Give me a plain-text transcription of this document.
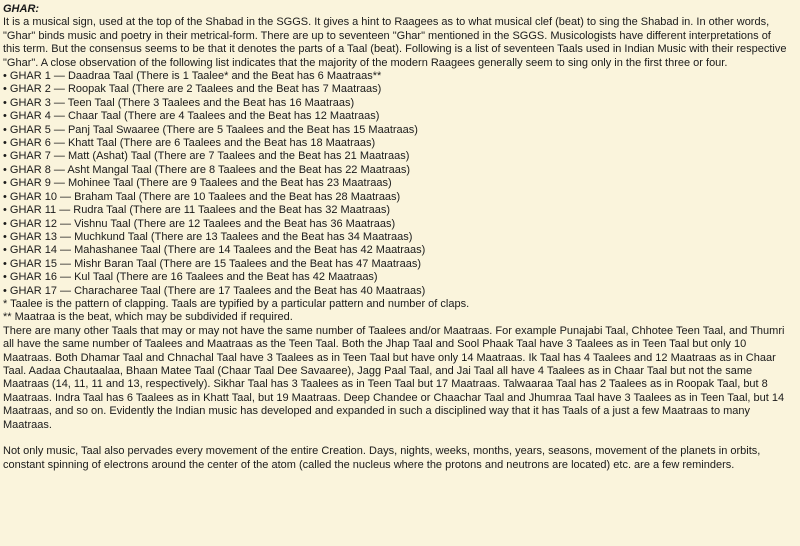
GHAR:

It is a musical sign, used at the top of the Shabad in the SGGS. It gives a hint to Raagees as to what musical clef (beat) to sing the Shabad in. In other words, "Ghar" binds music and poetry in their metrical-form. There are up to seventeen "Ghar" mentioned in the SGGS. Musicologists have different interpretations of this term. But the consensus seems to be that it denotes the parts of a Taal (beat). Following is a list of seventeen Taals used in Indian Music with their respective "Ghar". A close observation of the following list indicates that the majority of the modern Raagees generally seem to sing only in the first three or four.

• GHAR 1 — Daadraa Taal (There is 1 Taalee* and the Beat has 6 Maatraas**
• GHAR 2 — Roopak Taal (There are 2 Taalees and the Beat has 7 Maatraas)
• GHAR 3 — Teen Taal (There 3 Taalees and the Beat has 16 Maatraas)
• GHAR 4 — Chaar Taal (There are 4 Taalees and the Beat has 12 Maatraas)
• GHAR 5 — Panj Taal Swaaree (There are 5 Taalees and the Beat has 15 Maatraas)
• GHAR 6 — Khatt Taal (There are 6 Taalees and the Beat has 18 Maatraas)
• GHAR 7 — Matt (Ashat) Taal (There are 7 Taalees and the Beat has 21 Maatraas)
• GHAR 8 — Asht Mangal Taal (There are 8 Taalees and the Beat has 22 Maatraas)
• GHAR 9 — Mohinee Taal (There are 9 Taalees and the Beat has 23 Maatraas)
• GHAR 10 — Braham Taal (There are 10 Taalees and the Beat has 28 Maatraas)
• GHAR 11 — Rudra Taal (There are 11 Taalees and the Beat has 32 Maatraas)
• GHAR 12 — Vishnu Taal (There are 12 Taalees and the Beat has 36 Maatraas)
• GHAR 13 — Muchkund Taal (There are 13 Taalees and the Beat has 34 Maatraas)
• GHAR 14 — Mahashanee Taal (There are 14 Taalees and the Beat has 42 Maatraas)
• GHAR 15 — Mishr Baran Taal (There are 15 Taalees and the Beat has 47 Maatraas)
• GHAR 16 — Kul Taal (There are 16 Taalees and the Beat has 42 Maatraas)
• GHAR 17 — Characharee Taal (There are 17 Taalees and the Beat has 40 Maatraas)

* Taalee is the pattern of clapping. Taals are typified by a particular pattern and number of claps.

** Maatraa is the beat, which may be subdivided if required.

There are many other Taals that may or may not have the same number of Taalees and/or Maatraas. For example Punajabi Taal, Chhotee Teen Taal, and Thumri all have the same number of Taalees and Maatraas as the Teen Taal. Both the Jhap Taal and Sool Phaak Taal have 3 Taalees as in Teen Taal but only 10 Maatraas. Both Dhamar Taal and Chnachal Taal have 3 Taalees as in Teen Taal but have only 14 Maatraas. Ik Taal has 4 Taalees and 12 Maatraas as in Chaar Taal. Aadaa Chautaalaa, Bhaan Matee Taal (Chaar Taal Dee Savaaree), Jagg Paal Taal, and Jai Taal all have 4 Taalees as in Chaar Taal but not the same Maatraas (14, 11, 11 and 13, respectively). Sikhar Taal has 3 Taalees as in Teen Taal but 17 Maatraas. Talwaaraa Taal has 2 Taalees as in Roopak Taal, but 8 Maatraas. Indra Taal has 6 Taalees as in Khatt Taal, but 19 Maatraas. Deep Chandee or Chaachar Taal and Jhumraa Taal have 3 Taalees as in Teen Taal, but 14 Maatraas, and so on. Evidently the Indian music has developed and expanded in such a disciplined way that it has Taals of a just a few Maatraas to many Maatraas.

Not only music, Taal also pervades every movement of the entire Creation. Days, nights, weeks, months, years, seasons, movement of the planets in orbits, constant spinning of electrons around the center of the atom (called the nucleus where the protons and neutrons are located) etc. are a few reminders.
